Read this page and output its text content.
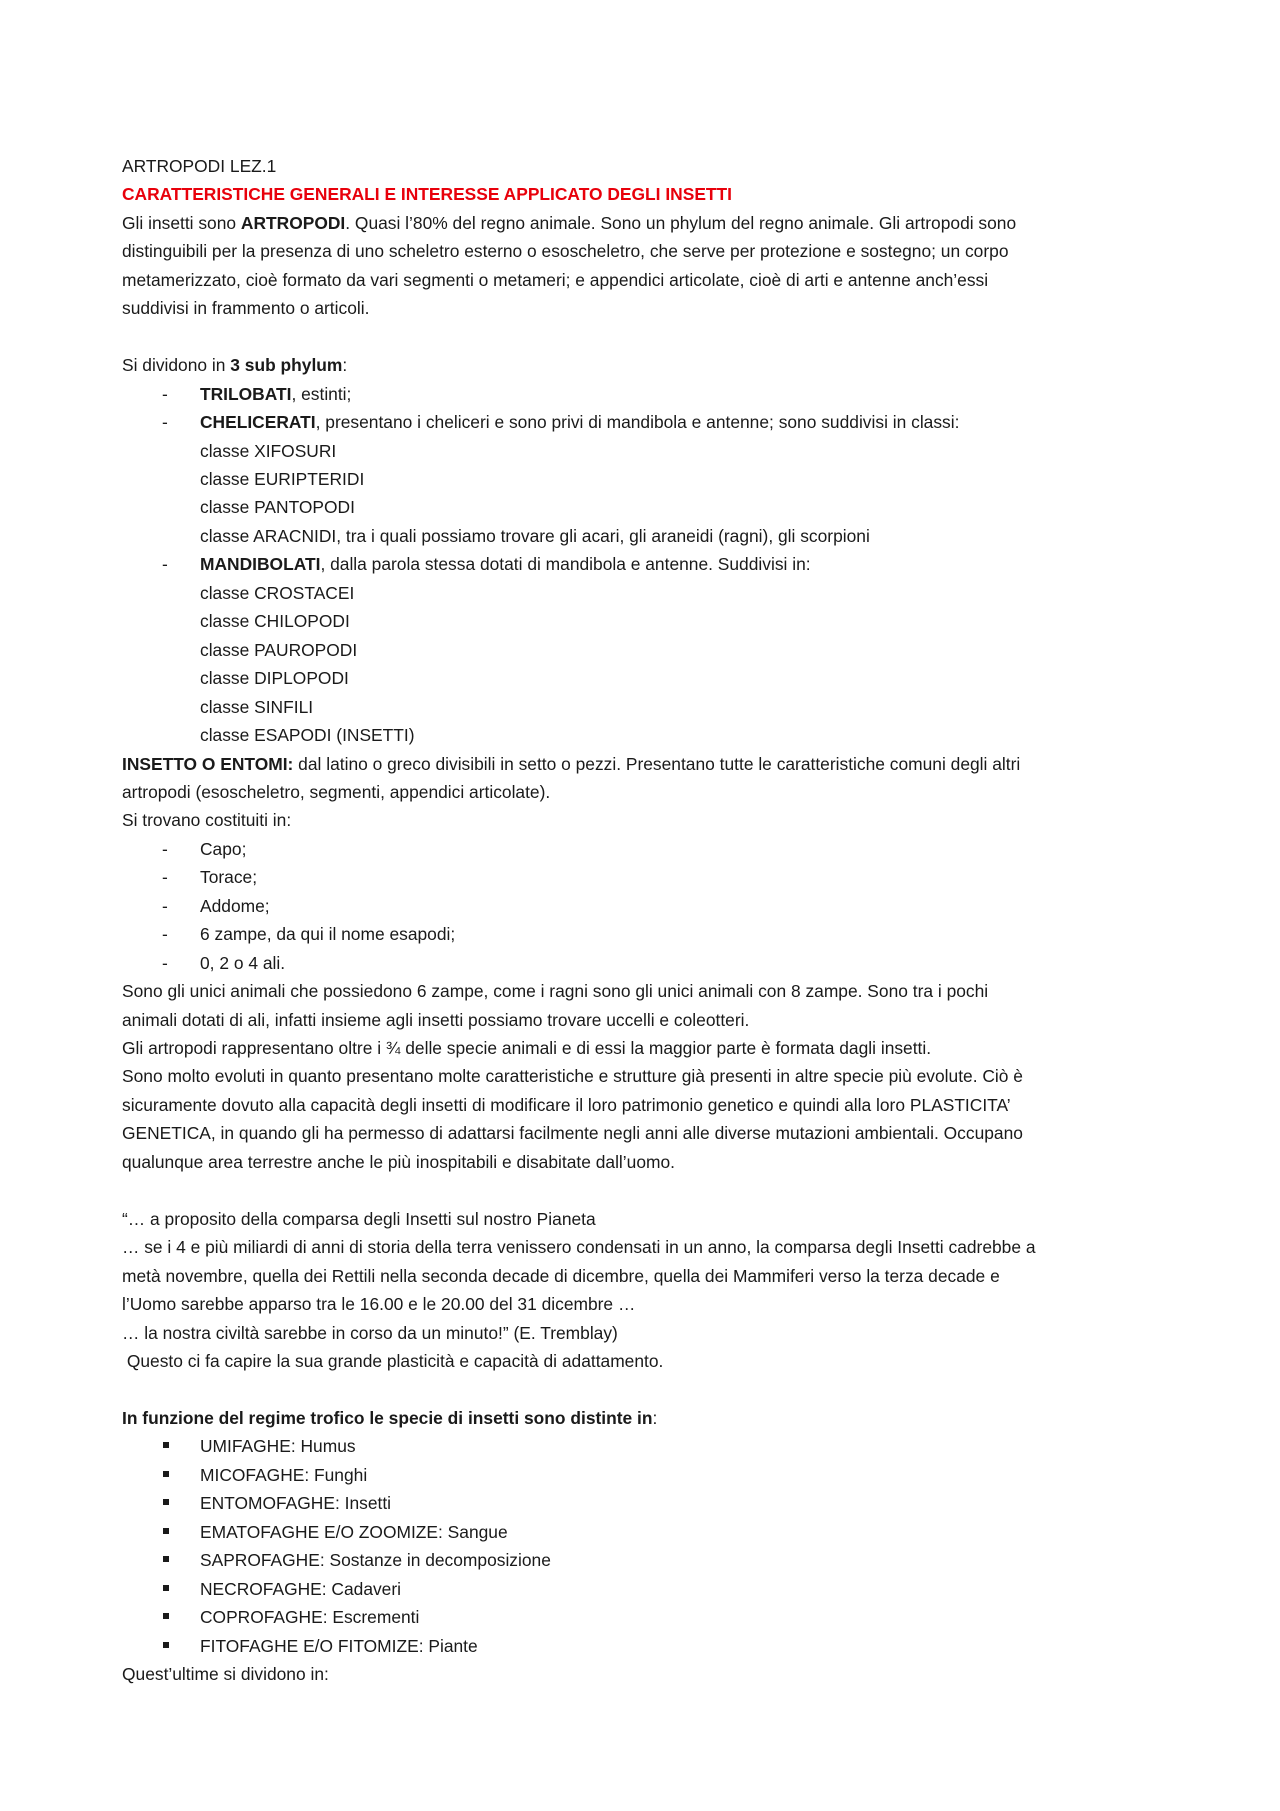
ARTROPODI LEZ.1
CARATTERISTICHE GENERALI E INTERESSE APPLICATO DEGLI INSETTI
Gli insetti sono ARTROPODI. Quasi l’80% del regno animale. Sono un phylum del regno animale. Gli artropodi sono
distinguibili per la presenza di uno scheletro esterno o esoscheletro, che serve per protezione e sostegno; un corpo
metamerizzato, cioè formato da vari segmenti o metameri; e appendici articolate, cioè di arti e antenne anch’essi
suddivisi in frammento o articoli.
Si dividono in 3 sub phylum:
- TRILOBATI, estinti;
- CHELICERATI, presentano i cheliceri e sono privi di mandibola e antenne; sono suddivisi in classi:
classe XIFOSURI
classe EURIPTERIDI
classe PANTOPODI
classe ARACNIDI, tra i quali possiamo trovare gli acari, gli araneidi (ragni), gli scorpioni
- MANDIBOLATI, dalla parola stessa dotati di mandibola e antenne. Suddivisi in:
classe CROSTACEI
classe CHILOPODI
classe PAUROPODI
classe DIPLOPODI
classe SINFILI
classe ESAPODI (INSETTI)
INSETTO O ENTOMI: dal latino o greco divisibili in setto o pezzi. Presentano tutte le caratteristiche comuni degli altri
artropodi (esoscheletro, segmenti, appendici articolate).
Si trovano costituiti in:
- Capo;
- Torace;
- Addome;
- 6 zampe, da qui il nome esapodi;
- 0, 2 o 4 ali.
Sono gli unici animali che possiedono 6 zampe, come i ragni sono gli unici animali con 8 zampe. Sono tra i pochi
animali dotati di ali, infatti insieme agli insetti possiamo trovare uccelli e coleotteri.
Gli artropodi rappresentano oltre i ¾ delle specie animali e di essi la maggior parte è formata dagli insetti.
Sono molto evoluti in quanto presentano molte caratteristiche e strutture già presenti in altre specie più evolute. Ciò è
sicuramente dovuto alla capacità degli insetti di modificare il loro patrimonio genetico e quindi alla loro PLASTICITA’
GENETICA, in quando gli ha permesso di adattarsi facilmente negli anni alle diverse mutazioni ambientali. Occupano
qualunque area terrestre anche le più inospitabili e disabitate dall’uomo.
“… a proposito della comparsa degli Insetti sul nostro Pianeta
… se i 4 e più miliardi di anni di storia della terra venissero condensati in un anno, la comparsa degli Insetti cadrebbe a
metà novembre, quella dei Rettili nella seconda decade di dicembre, quella dei Mammiferi verso la terza decade e
l’Uomo sarebbe apparso tra le 16.00 e le 20.00 del 31 dicembre …
… la nostra civiltà sarebbe in corso da un minuto!” (E. Tremblay)
Questo ci fa capire la sua grande plasticità e capacità di adattamento.
In funzione del regime trofico le specie di insetti sono distinte in:
UMIFAGHE: Humus
MICOFAGHE: Funghi
ENTOMOFAGHE: Insetti
EMATOFAGHE E/O ZOOMIZE: Sangue
SAPROFAGHE: Sostanze in decomposizione
NECROFAGHE: Cadaveri
COPROFAGHE: Escrementi
FITOFAGHE E/O FITOMIZE: Piante
Quest’ultime si dividono in:
